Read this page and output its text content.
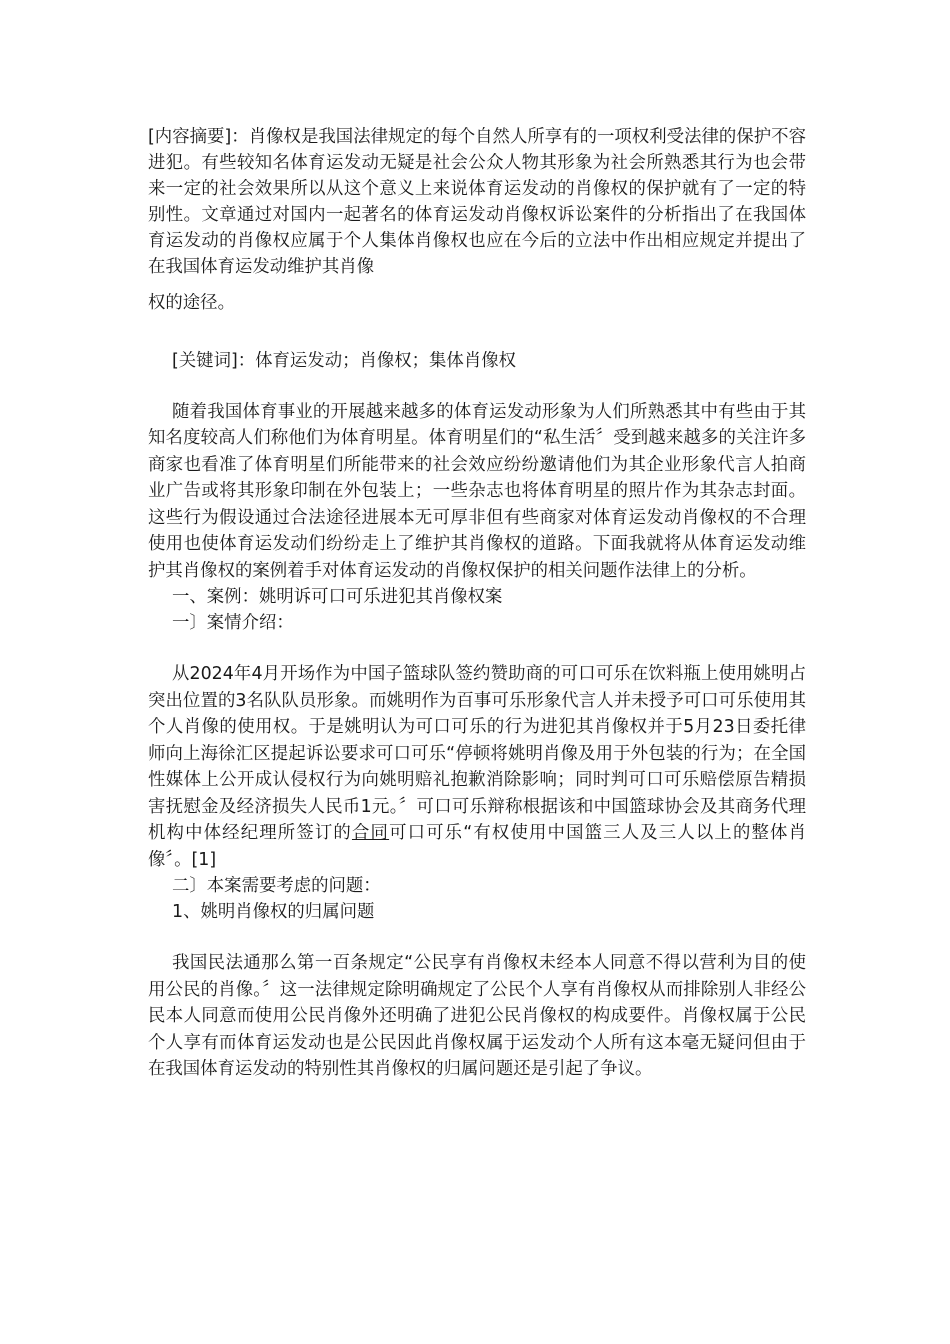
[内容摘要]：肖像权是我国法律规定的每个自然人所享有的一项权利受法律的保护不容进犯。有些较知名体育运发动无疑是社会公众人物其形象为社会所熟悉其行为也会带来一定的社会效果所以从这个意义上来说体育运发动的肖像权的保护就有了一定的特别性。文章通过对国内一起著名的体育运发动肖像权诉讼案件的分析指出了在我国体育运发动的肖像权应属于个人集体肖像权也应在今后的立法中作出相应规定并提出了在我国体育运发动维护其肖像
权的途径。

[关键词]：体育运发动；肖像权；集体肖像权

随着我国体育事业的开展越来越多的体育运发动形象为人们所熟悉其中有些由于其知名度较高人们称他们为体育明星。体育明星们的“私生活〞受到越来越多的关注许多商家也看准了体育明星们所能带来的社会效应纷纷邀请他们为其企业形象代言人拍商业广告或将其形象印制在外包装上；一些杂志也将体育明星的照片作为其杂志封面。这些行为假设通过合法途径进展本无可厚非但有些商家对体育运发动肖像权的不合理使用也使体育运发动们纷纷走上了维护其肖像权的道路。下面我就将从体育运发动维护其肖像权的案例着手对体育运发动的肖像权保护的相关问题作法律上的分析。

一、案例：姚明诉可口可乐进犯其肖像权案

一〕案情介绍：

从2024年4月开场作为中国子篮球队签约赞助商的可口可乐在饮料瓶上使用姚明占突出位置的3名队队员形象。而姚明作为百事可乐形象代言人并未授予可口可乐使用其个人肖像的使用权。于是姚明认为可口可乐的行为进犯其肖像权并于5月23日委托律师向上海徐汇区提起诉讼要求可口可乐“停顿将姚明肖像及用于外包装的行为；在全国性媒体上公开成认侵权行为向姚明赔礼抱歉消除影响；同时判可口可乐赔偿原告精损害抚慰金及经济损失人民币1元。〞可口可乐辩称根据该和中国篮球协会及其商务代理机构中体经纪理所签订的合同可口可乐“有权使用中国篮三人及三人以上的整体肖像〞。[1]

二〕本案需要考虑的问题：

1、姚明肖像权的归属问题

我国民法通那么第一百条规定“公民享有肖像权未经本人同意不得以营利为目的使用公民的肖像。〞这一法律规定除明确规定了公民个人享有肖像权从而排除别人非经公民本人同意而使用公民肖像外还明确了进犯公民肖像权的构成要件。肖像权属于公民个人享有而体育运发动也是公民因此肖像权属于运发动个人所有这本毫无疑问但由于在我国体育运发动的特别性其肖像权的归属问题还是引起了争议。
